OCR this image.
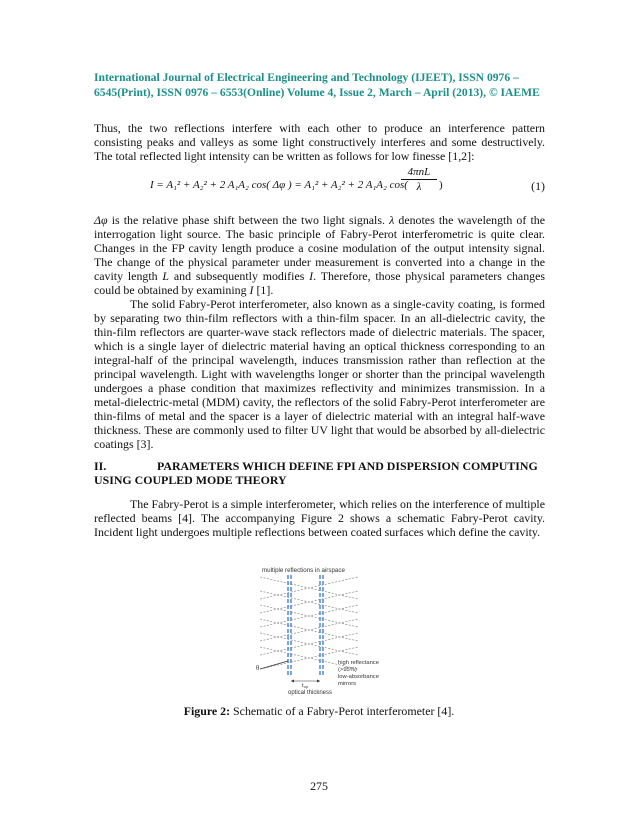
International Journal of Electrical Engineering and Technology (IJEET), ISSN 0976 –
6545(Print), ISSN 0976 – 6553(Online) Volume 4, Issue 2, March – April (2013), © IAEME
Thus, the two reflections interfere with each other to produce an interference pattern consisting peaks and valleys as some light constructively interferes and some destructively. The total reflected light intensity can be written as follows for low finesse [1,2]:
I = A₁² + A₂² + 2 A₁A₂ cos( Δφ ) = A₁² + A₂² + 2 A₁A₂ cos(
4πnL
λ	)	(1)
Δφ is the relative phase shift between the two light signals. λ denotes the wavelength of the interrogation light source. The basic principle of Fabry-Perot interferometric is quite clear. Changes in the FP cavity length produce a cosine modulation of the output intensity signal. The change of the physical parameter under measurement is converted into a change in the cavity length L and subsequently modifies I. Therefore, those physical parameters changes could be obtained by examining I [1].
The solid Fabry-Perot interferometer, also known as a single-cavity coating, is formed by separating two thin-film reflectors with a thin-film spacer. In an all-dielectric cavity, the thin-film reflectors are quarter-wave stack reflectors made of dielectric materials. The spacer, which is a single layer of dielectric material having an optical thickness corresponding to an integral-half of the principal wavelength, induces transmission rather than reflection at the principal wavelength. Light with wavelengths longer or shorter than the principal wavelength undergoes a phase condition that maximizes reflectivity and minimizes transmission. In a metal-dielectric-metal (MDM) cavity, the reflectors of the solid Fabry-Perot interferometer are thin-films of metal and the spacer is a layer of dielectric material with an integral half-wave thickness. These are commonly used to filter UV light that would be absorbed by all-dielectric coatings [3].
II.	PARAMETERS WHICH DEFINE FPI AND DISPERSION COMPUTING
USING COUPLED MODE THEORY
The Fabry-Perot is a simple interferometer, which relies on the interference of multiple reflected beams [4]. The accompanying Figure 2 shows a schematic Fabry-Perot cavity. Incident light undergoes multiple reflections between coated surfaces which define the cavity.
multiple reflections in airspace
θ
top
optical thickness
high reflectance
(>95%)
low-absorbance
mirrors
Figure 2: Schematic of a Fabry-Perot interferometer [4].
275
